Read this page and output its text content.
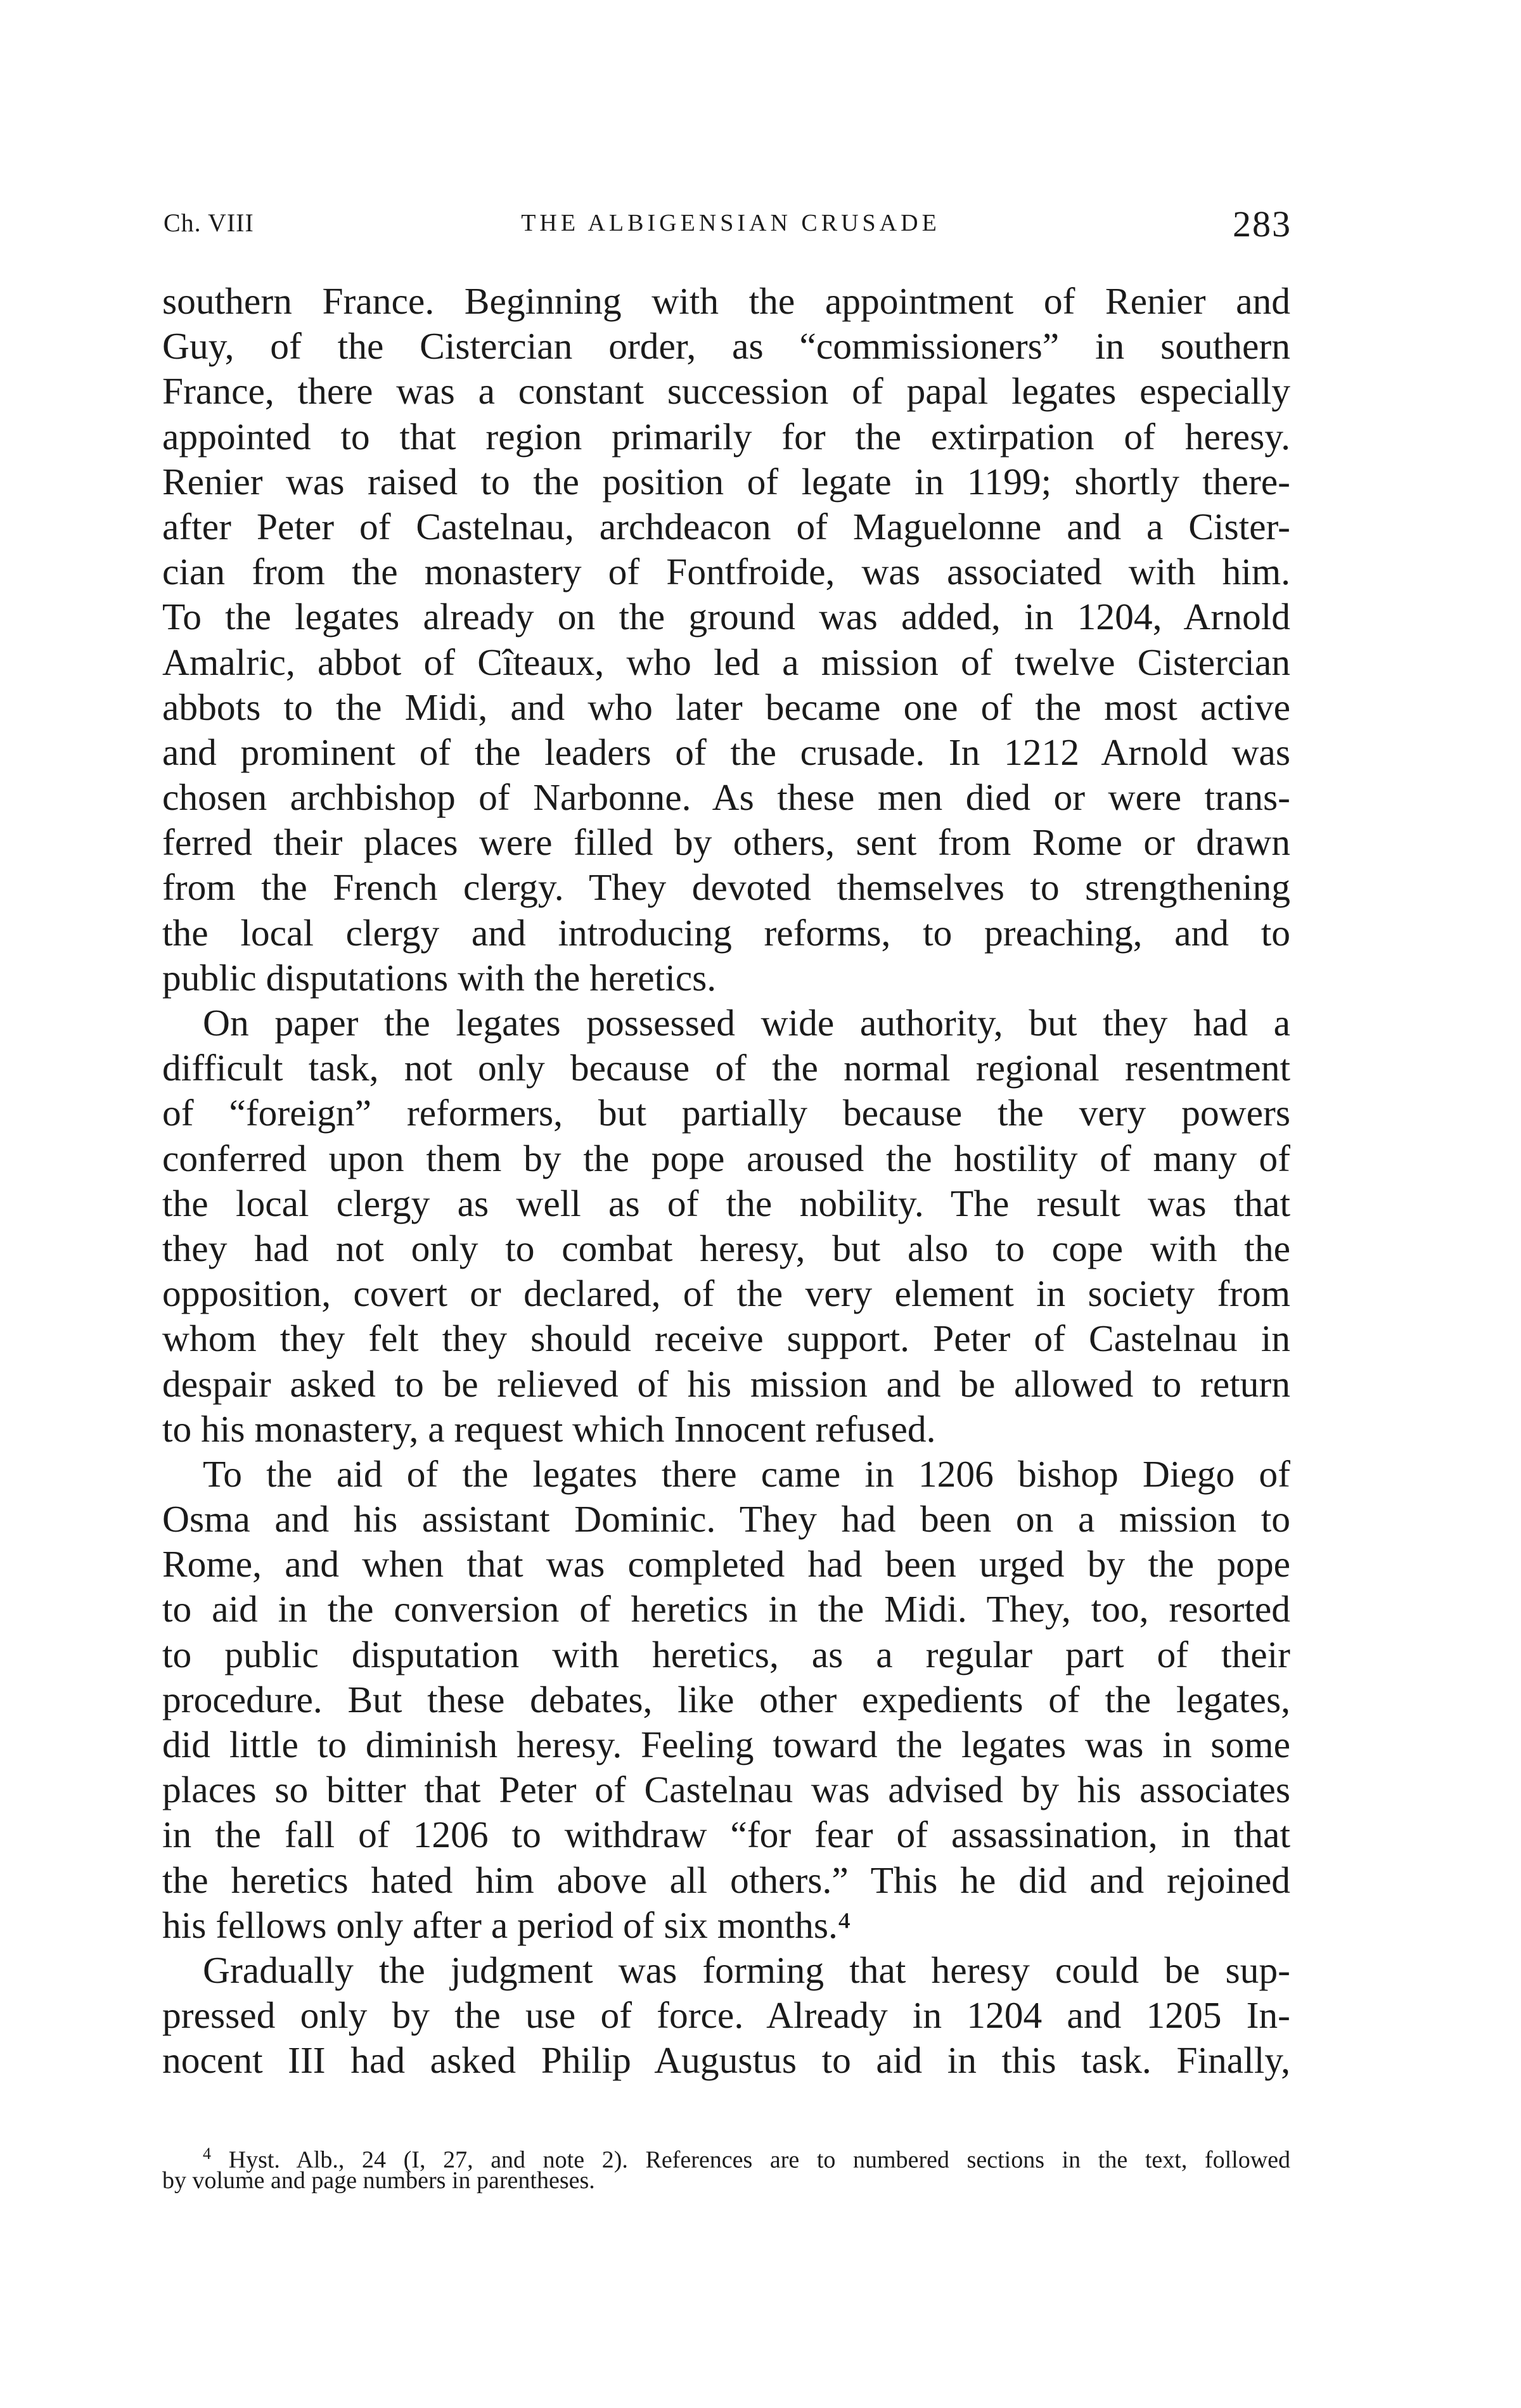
Ch. VIII	THE ALBIGENSIAN CRUSADE	283
southern France. Beginning with the appointment of Renier and
Guy, of the Cistercian order, as “commissioners” in southern
France, there was a constant succession of papal legates especially
appointed to that region primarily for the extirpation of heresy.
Renier was raised to the position of legate in 1199; shortly there-
after Peter of Castelnau, archdeacon of Maguelonne and a Cister-
cian from the monastery of Fontfroide, was associated with him.
To the legates already on the ground was added, in 1204, Arnold
Amalric, abbot of Cîteaux, who led a mission of twelve Cistercian
abbots to the Midi, and who later became one of the most active
and prominent of the leaders of the crusade. In 1212 Arnold was
chosen archbishop of Narbonne. As these men died or were trans-
ferred their places were filled by others, sent from Rome or drawn
from the French clergy. They devoted themselves to strengthening
the local clergy and introducing reforms, to preaching, and to
public disputations with the heretics.
On paper the legates possessed wide authority, but they had a
difficult task, not only because of the normal regional resentment
of “foreign” reformers, but partially because the very powers
conferred upon them by the pope aroused the hostility of many of
the local clergy as well as of the nobility. The result was that
they had not only to combat heresy, but also to cope with the
opposition, covert or declared, of the very element in society from
whom they felt they should receive support. Peter of Castelnau in
despair asked to be relieved of his mission and be allowed to return
to his monastery, a request which Innocent refused.
To the aid of the legates there came in 1206 bishop Diego of
Osma and his assistant Dominic. They had been on a mission to
Rome, and when that was completed had been urged by the pope
to aid in the conversion of heretics in the Midi. They, too, resorted
to public disputation with heretics, as a regular part of their
procedure. But these debates, like other expedients of the legates,
did little to diminish heresy. Feeling toward the legates was in some
places so bitter that Peter of Castelnau was advised by his associates
in the fall of 1206 to withdraw “for fear of assassination, in that
the heretics hated him above all others.” This he did and rejoined
his fellows only after a period of six months.⁴
Gradually the judgment was forming that heresy could be sup-
pressed only by the use of force. Already in 1204 and 1205 In-
nocent III had asked Philip Augustus to aid in this task. Finally,
$^4$ Hyst. Alb., 24 (I, 27, and note 2). References are to numbered sections in the text, followed
by volume and page numbers in parentheses.
